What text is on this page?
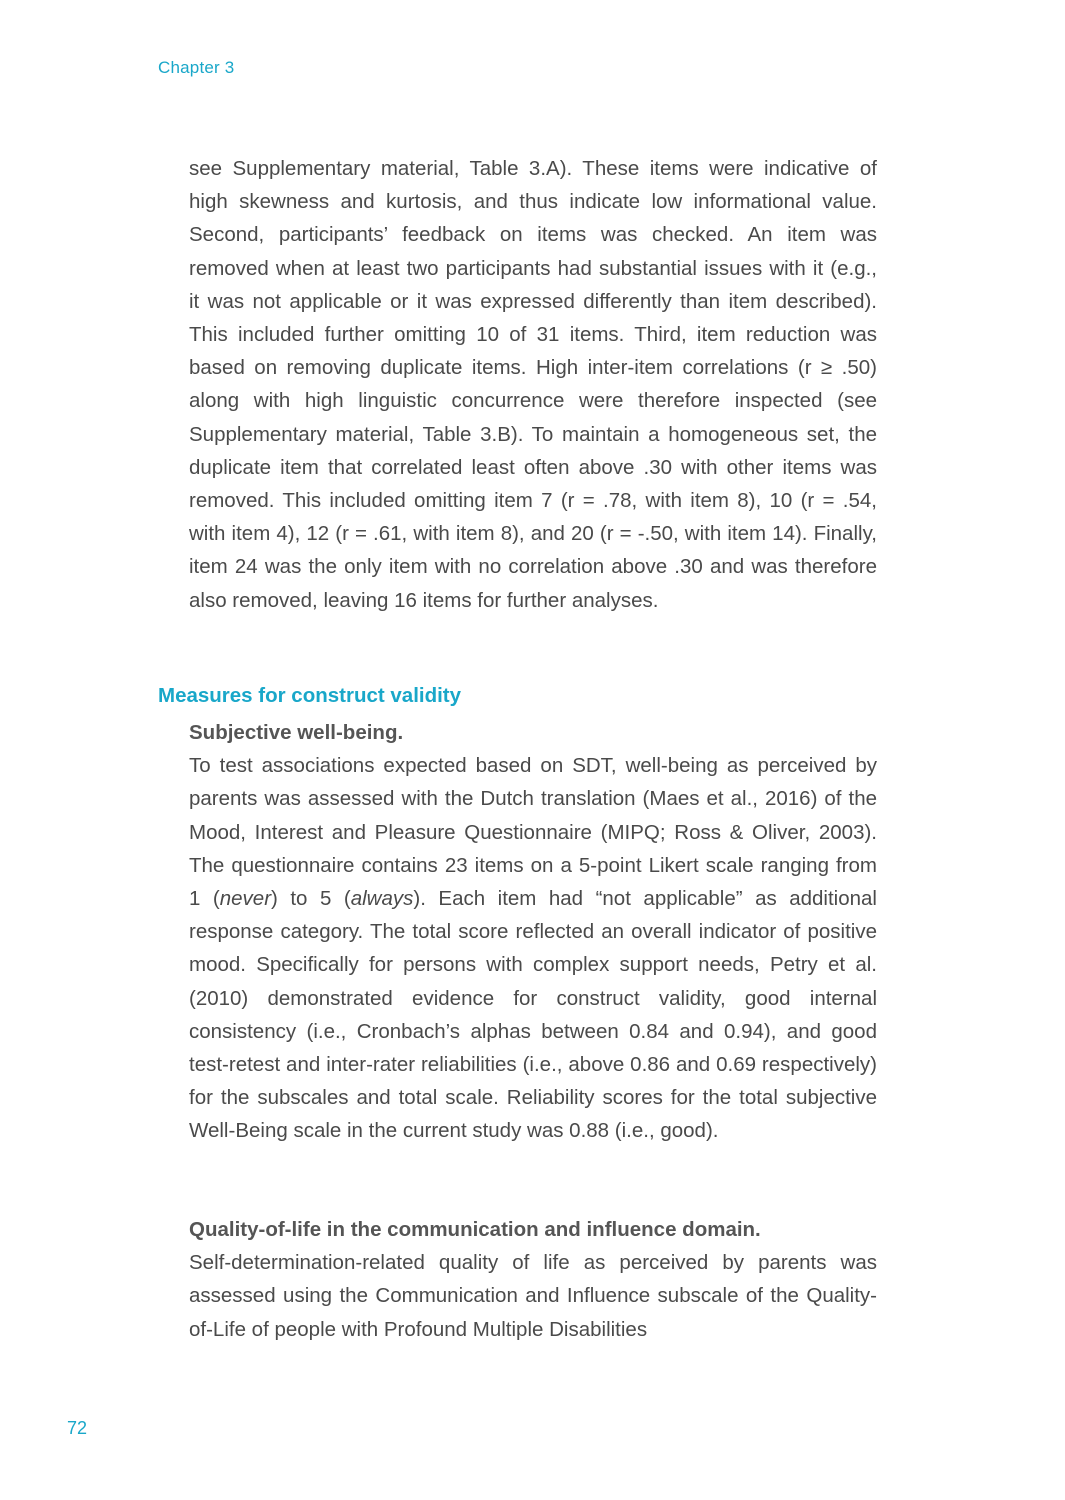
Chapter 3

see Supplementary material, Table 3.A). These items were indicative of high skewness and kurtosis, and thus indicate low informational value. Second, participants’ feedback on items was checked. An item was removed when at least two participants had substantial issues with it (e.g., it was not applicable or it was expressed differently than item described). This included further omitting 10 of 31 items. Third, item reduction was based on removing duplicate items. High inter-item correlations (r ≥ .50) along with high linguistic concurrence were therefore inspected (see Supplementary material, Table 3.B). To maintain a homogeneous set, the duplicate item that correlated least often above .30 with other items was removed. This included omitting item 7 (r = .78, with item 8), 10 (r = .54, with item 4), 12 (r = .61, with item 8), and 20 (r = -.50, with item 14). Finally, item 24 was the only item with no correlation above .30 and was therefore also removed, leaving 16 items for further analyses.

Measures for construct validity

Subjective well-being.

To test associations expected based on SDT, well-being as perceived by parents was assessed with the Dutch translation (Maes et al., 2016) of the Mood, Interest and Pleasure Questionnaire (MIPQ; Ross & Oliver, 2003). The questionnaire contains 23 items on a 5-point Likert scale ranging from 1 (never) to 5 (always). Each item had “not applicable” as additional response category. The total score reflected an overall indicator of positive mood. Specifically for persons with complex support needs, Petry et al. (2010) demonstrated evidence for construct validity, good internal consistency (i.e., Cronbach’s alphas between 0.84 and 0.94), and good test-retest and inter-rater reliabilities (i.e., above 0.86 and 0.69 respectively) for the subscales and total scale. Reliability scores for the total subjective Well-Being scale in the current study was 0.88 (i.e., good).

Quality-of-life in the communication and influence domain.

Self-determination-related quality of life as perceived by parents was assessed using the Communication and Influence subscale of the Quality-of-Life of people with Profound Multiple Disabilities

72
